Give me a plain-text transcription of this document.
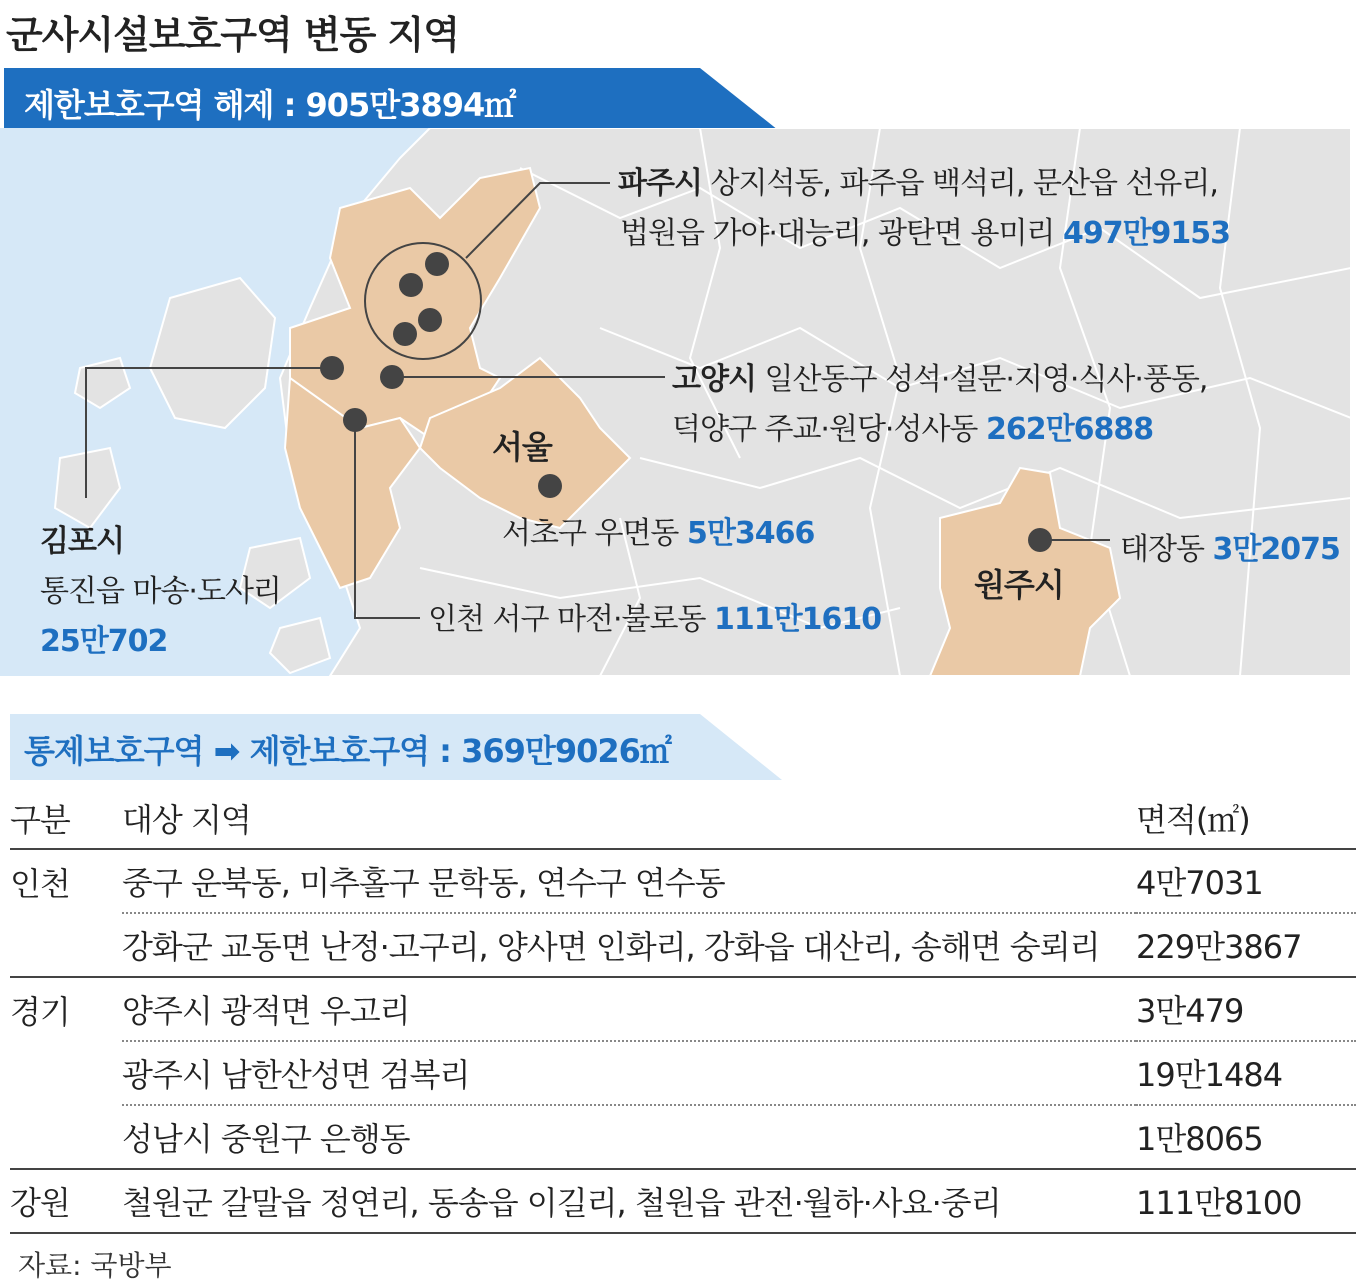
군사시설보호구역 변동 지역
제한보호구역 해제 : 905만3894㎡
서울
원주시
파주시 상지석동, 파주읍 백석리, 문산읍 선유리,
법원읍 가야·대능리, 광탄면 용미리 497만9153
고양시 일산동구 성석·설문·지영·식사·풍동,
덕양구 주교·원당·성사동 262만6888
김포시
통진읍 마송·도사리
25만702
서초구 우면동 5만3466
인천 서구 마전·불로동 111만1610
태장동 3만2075
통제보호구역 ➡ 제한보호구역 : 369만9026㎡
구분	대상 지역	면적(㎡)
인천	중구 운북동, 미추홀구 문학동, 연수구 연수동	4만7031
	강화군 교동면 난정·고구리, 양사면 인화리, 강화읍 대산리, 송해면 숭뢰리	229만3867
경기	양주시 광적면 우고리	3만479
	광주시 남한산성면 검복리	19만1484
	성남시 중원구 은행동	1만8065
강원	철원군 갈말읍 정연리, 동송읍 이길리, 철원읍 관전·월하·사요·중리	111만8100
자료: 국방부
